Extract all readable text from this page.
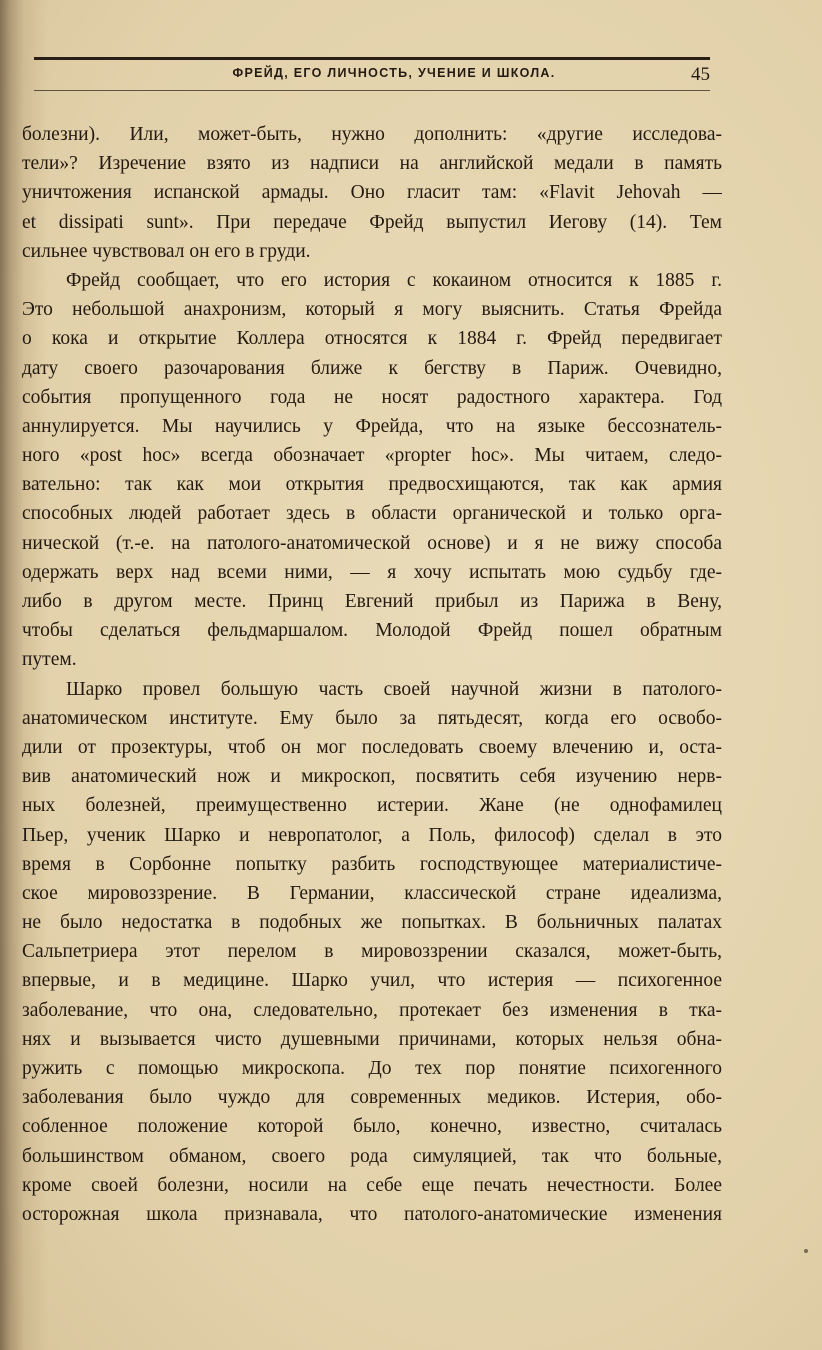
ФРЕЙД, ЕГО ЛИЧНОСТЬ, УЧЕНИЕ И ШКОЛА.	45
болезни). Или, может-быть, нужно дополнить: «другие исследова-
тели»? Изречение взято из надписи на английской медали в память
уничтожения испанской армады. Оно гласит там: «Flavit Jehovah —
et dissipati sunt». При передаче Фрейд выпустил Иегову (14). Тем
сильнее чувствовал он его в груди.
Фрейд сообщает, что его история с кокаином относится к 1885 г.
Это небольшой анахронизм, который я могу выяснить. Статья Фрейда
о кока и открытие Коллера относятся к 1884 г. Фрейд передвигает
дату своего разочарования ближе к бегству в Париж. Очевидно,
события пропущенного года не носят радостного характера. Год
аннулируется. Мы научились у Фрейда, что на языке бессознатель-
ного «post hoc» всегда обозначает «propter hoc». Мы читаем, следо-
вательно: так как мои открытия предвосхищаются, так как армия
способных людей работает здесь в области органической и только орга-
нической (т.-е. на патолого-анатомической основе) и я не вижу способа
одержать верх над всеми ними, — я хочу испытать мою судьбу где-
либо в другом месте. Принц Евгений прибыл из Парижа в Вену,
чтобы сделаться фельдмаршалом. Молодой Фрейд пошел обратным
путем.
Шарко провел большую часть своей научной жизни в патолого-
анатомическом институте. Ему было за пятьдесят, когда его освобо-
дили от прозектуры, чтоб он мог последовать своему влечению и, оста-
вив анатомический нож и микроскоп, посвятить себя изучению нерв-
ных болезней, преимущественно истерии. Жане (не однофамилец
Пьер, ученик Шарко и невропатолог, а Поль, философ) сделал в это
время в Сорбонне попытку разбить господствующее материалистиче-
ское мировоззрение. В Германии, классической стране идеализма,
не было недостатка в подобных же попытках. В больничных палатах
Сальпетриера этот перелом в мировоззрении сказался, может-быть,
впервые, и в медицине. Шарко учил, что истерия — психогенное
заболевание, что она, следовательно, протекает без изменения в тка-
нях и вызывается чисто душевными причинами, которых нельзя обна-
ружить с помощью микроскопа. До тех пор понятие психогенного
заболевания было чуждо для современных медиков. Истерия, обо-
собленное положение которой было, конечно, известно, считалась
большинством обманом, своего рода симуляцией, так что больные,
кроме своей болезни, носили на себе еще печать нечестности. Более
осторожная школа признавала, что патолого-анатомические изменения
